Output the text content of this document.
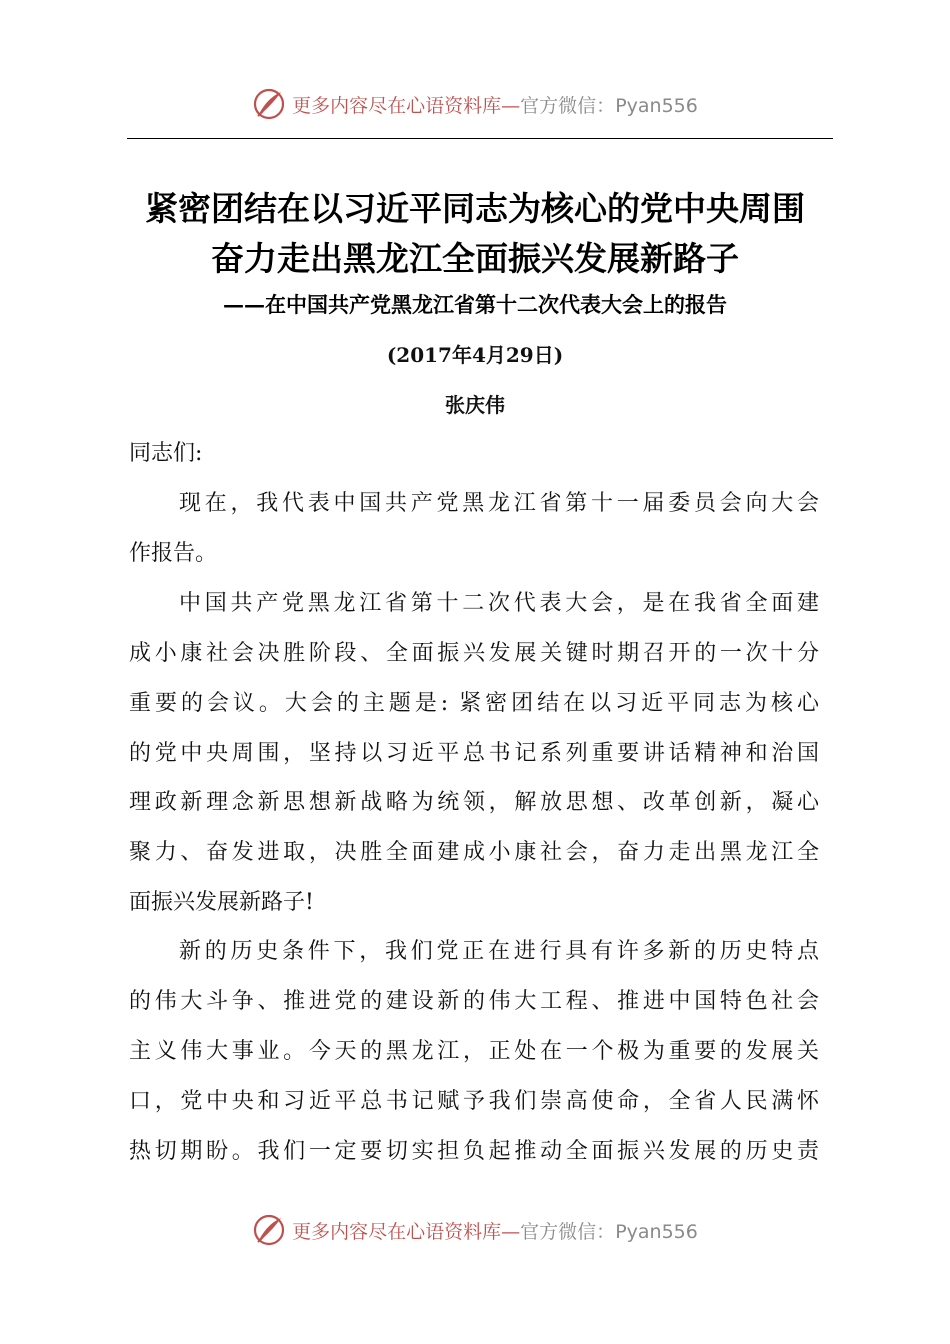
更多内容尽在心语资料库—官方微信：Pyan556
紧密团结在以习近平同志为核心的党中央周围
奋力走出黑龙江全面振兴发展新路子
——在中国共产党黑龙江省第十二次代表大会上的报告
(2017年4月29日)
张庆伟
同志们:
现在，我代表中国共产党黑龙江省第十一届委员会向大会
作报告。
中国共产党黑龙江省第十二次代表大会，是在我省全面建
成小康社会决胜阶段、全面振兴发展关键时期召开的一次十分
重要的会议。大会的主题是: 紧密团结在以习近平同志为核心
的党中央周围，坚持以习近平总书记系列重要讲话精神和治国
理政新理念新思想新战略为统领，解放思想、改革创新，凝心
聚力、奋发进取，决胜全面建成小康社会，奋力走出黑龙江全
面振兴发展新路子!
新的历史条件下，我们党正在进行具有许多新的历史特点
的伟大斗争、推进党的建设新的伟大工程、推进中国特色社会
主义伟大事业。今天的黑龙江，正处在一个极为重要的发展关
口，党中央和习近平总书记赋予我们崇高使命，全省人民满怀
热切期盼。我们一定要切实担负起推动全面振兴发展的历史责
更多内容尽在心语资料库—官方微信：Pyan556
